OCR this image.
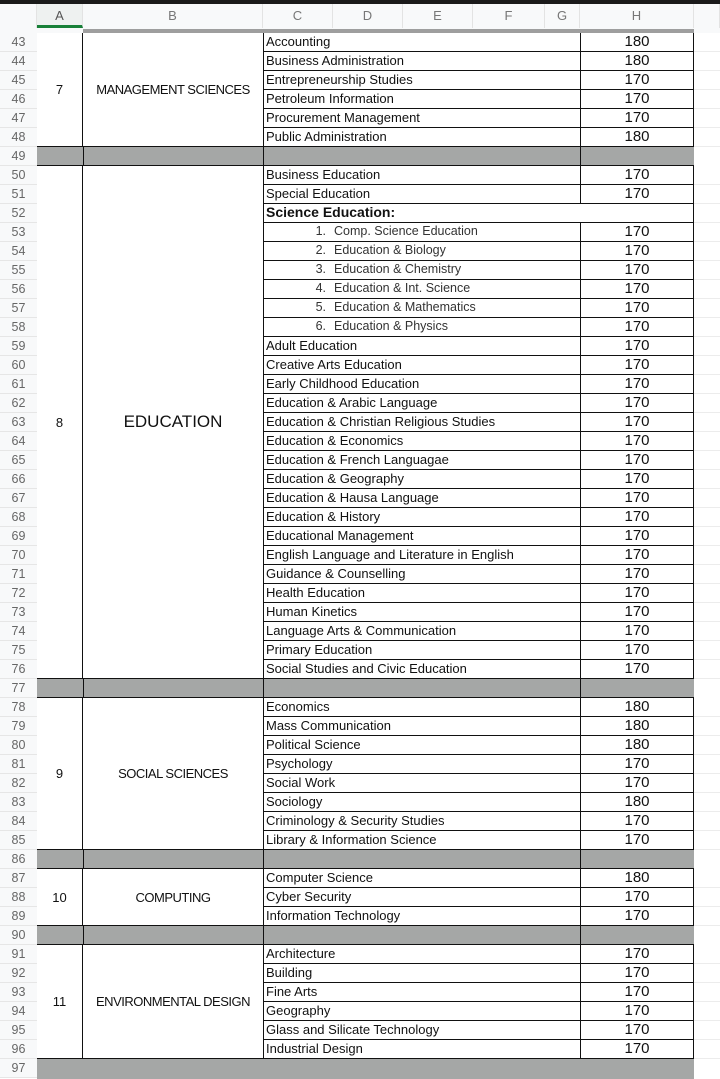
A	B	C	D	E	F	G	H
7	MANAGEMENT SCIENCES
43	Accounting	180
44	Business Administration	180
45	Entrepreneurship Studies	170
46	Petroleum Information	170
47	Procurement Management	170
48	Public Administration	180
49
8	EDUCATION
50	Business Education	170
51	Special Education	170
52	Science Education:
53	1. Comp. Science Education	170
54	2. Education & Biology	170
55	3. Education & Chemistry	170
56	4. Education & Int. Science	170
57	5. Education & Mathematics	170
58	6. Education & Physics	170
59	Adult Education	170
60	Creative Arts Education	170
61	Early Childhood Education	170
62	Education & Arabic Language	170
63	Education & Christian Religious Studies	170
64	Education & Economics	170
65	Education & French Languagae	170
66	Education & Geography	170
67	Education & Hausa Language	170
68	Education & History	170
69	Educational Management	170
70	English Language and Literature in English	170
71	Guidance & Counselling	170
72	Health Education	170
73	Human Kinetics	170
74	Language Arts & Communication	170
75	Primary Education	170
76	Social Studies and Civic Education	170
77
9	SOCIAL SCIENCES
78	Economics	180
79	Mass Communication	180
80	Political Science	180
81	Psychology	170
82	Social Work	170
83	Sociology	180
84	Criminology & Security Studies	170
85	Library & Information Science	170
86
10	COMPUTING
87	Computer Science	180
88	Cyber Security	170
89	Information Technology	170
90
11	ENVIRONMENTAL DESIGN
91	Architecture	170
92	Building	170
93	Fine Arts	170
94	Geography	170
95	Glass and Silicate Technology	170
96	Industrial Design	170
97
